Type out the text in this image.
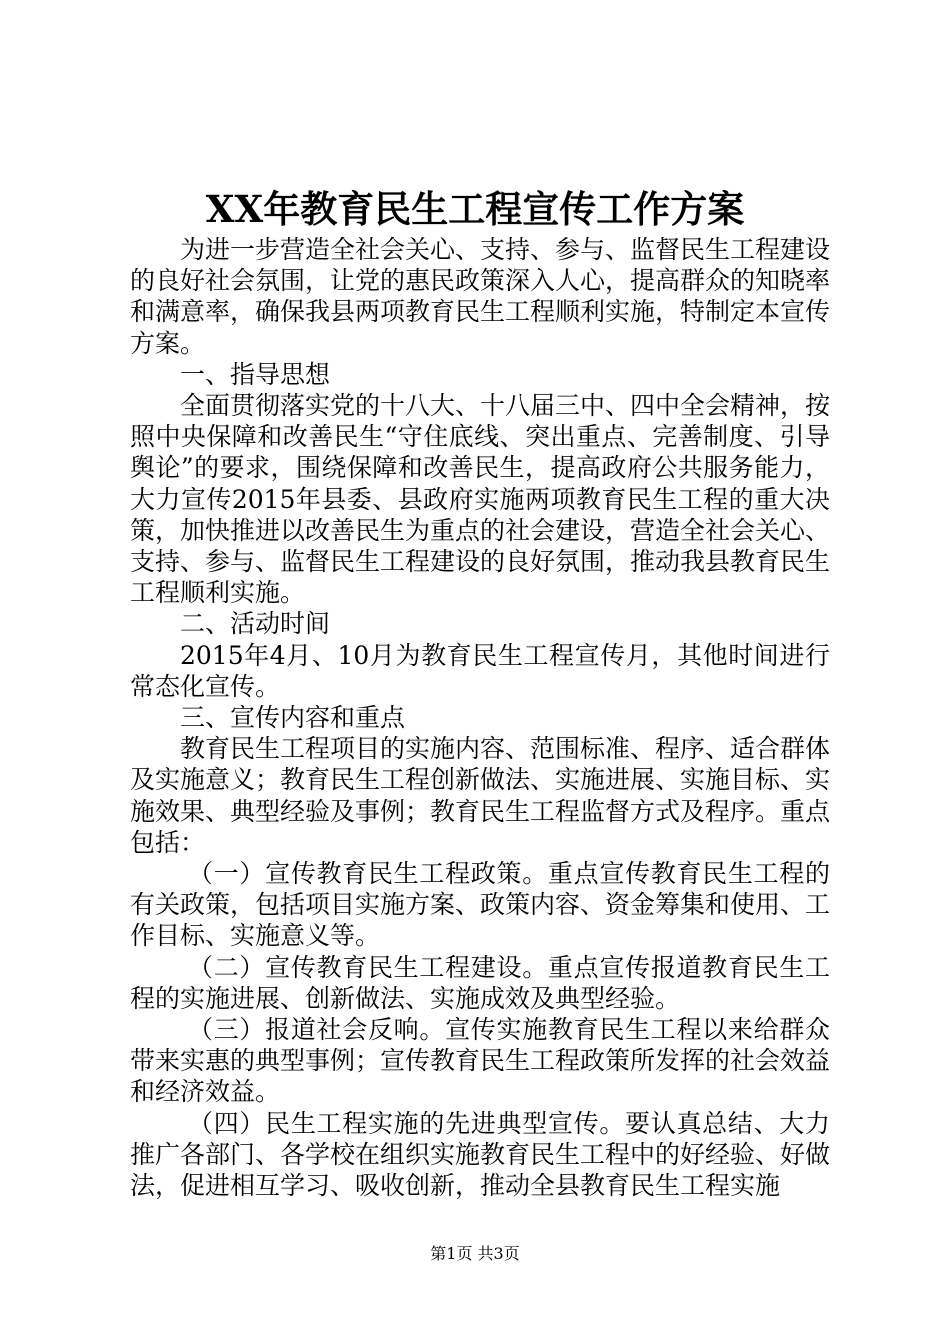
XX年教育民生工程宣传工作方案

为进一步营造全社会关心、支持、参与、监督民生工程建设的良好社会氛围，让党的惠民政策深入人心，提高群众的知晓率和满意率，确保我县两项教育民生工程顺利实施，特制定本宣传方案。

一、指导思想

全面贯彻落实党的十八大、十八届三中、四中全会精神，按照中央保障和改善民生“守住底线、突出重点、完善制度、引导舆论”的要求，围绕保障和改善民生，提高政府公共服务能力，大力宣传2015年县委、县政府实施两项教育民生工程的重大决策，加快推进以改善民生为重点的社会建设，营造全社会关心、支持、参与、监督民生工程建设的良好氛围，推动我县教育民生工程顺利实施。

二、活动时间

2015年4月、10月为教育民生工程宣传月，其他时间进行常态化宣传。

三、宣传内容和重点

教育民生工程项目的实施内容、范围标准、程序、适合群体及实施意义；教育民生工程创新做法、实施进展、实施目标、实施效果、典型经验及事例；教育民生工程监督方式及程序。重点包括：

（一）宣传教育民生工程政策。重点宣传教育民生工程的有关政策，包括项目实施方案、政策内容、资金筹集和使用、工作目标、实施意义等。

（二）宣传教育民生工程建设。重点宣传报道教育民生工程的实施进展、创新做法、实施成效及典型经验。

（三）报道社会反响。宣传实施教育民生工程以来给群众带来实惠的典型事例；宣传教育民生工程政策所发挥的社会效益和经济效益。

（四）民生工程实施的先进典型宣传。要认真总结、大力推广各部门、各学校在组织实施教育民生工程中的好经验、好做法，促进相互学习、吸收创新，推动全县教育民生工程实施

第1页 共3页
